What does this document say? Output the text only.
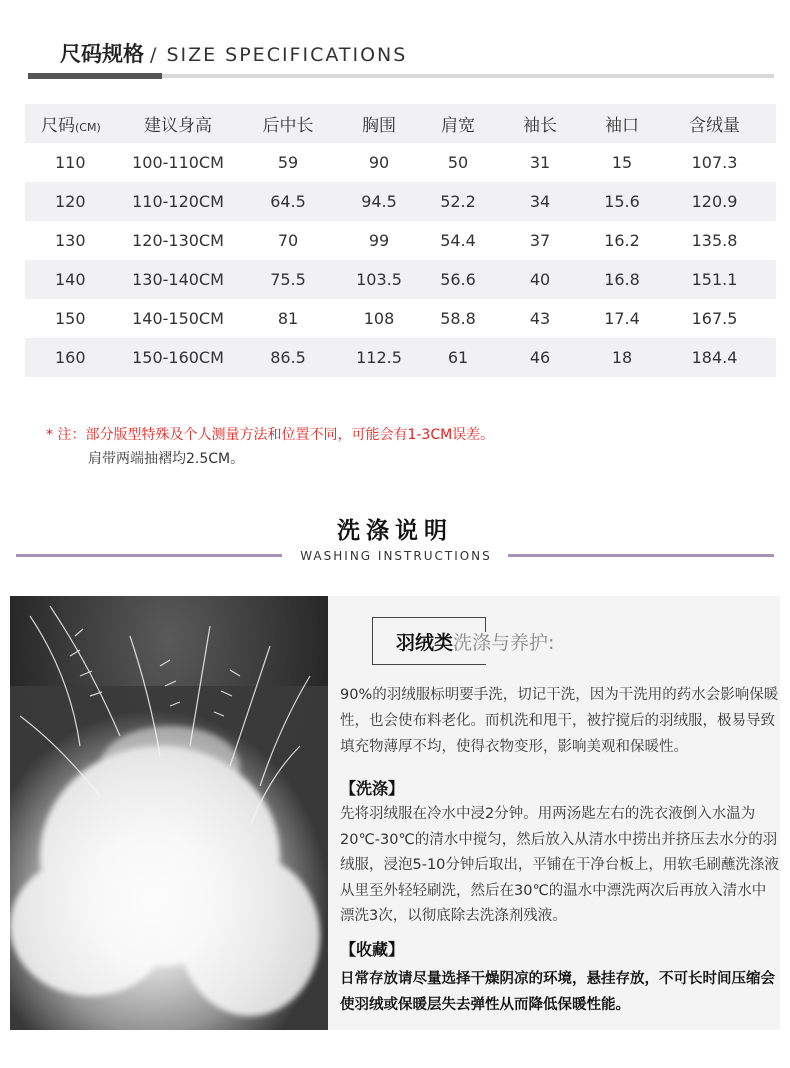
尺码规格 / SIZE SPECIFICATIONS
尺码(CM)	建议身高	后中长	胸围	肩宽	袖长	袖口	含绒量
110	100-110CM	59	90	50	31	15	107.3
120	110-120CM	64.5	94.5	52.2	34	15.6	120.9
130	120-130CM	70	99	54.4	37	16.2	135.8
140	130-140CM	75.5	103.5	56.6	40	16.8	151.1
150	140-150CM	81	108	58.8	43	17.4	167.5
160	150-160CM	86.5	112.5	61	46	18	184.4
* 注：部分版型特殊及个人测量方法和位置不同，可能会有1-3CM误差。
肩带两端抽褶均2.5CM。
洗涤说明
WASHING INSTRUCTIONS
羽绒类洗涤与养护:
90%的羽绒服标明要手洗，切记干洗，因为干洗用的药水会影响保暖性，也会使布料老化。而机洗和甩干，被拧搅后的羽绒服，极易导致填充物薄厚不均，使得衣物变形，影响美观和保暖性。
【洗涤】
先将羽绒服在冷水中浸2分钟。用两汤匙左右的洗衣液倒入水温为20℃-30℃的清水中搅匀，然后放入从清水中捞出并挤压去水分的羽绒服，浸泡5-10分钟后取出，平铺在干净台板上，用软毛刷蘸洗涤液从里至外轻轻刷洗，然后在30℃的温水中漂洗两次后再放入清水中漂洗3次，以彻底除去洗涤剂残液。
【收藏】
日常存放请尽量选择干燥阴凉的环境，悬挂存放，不可长时间压缩会使羽绒或保暖层失去弹性从而降低保暖性能。
